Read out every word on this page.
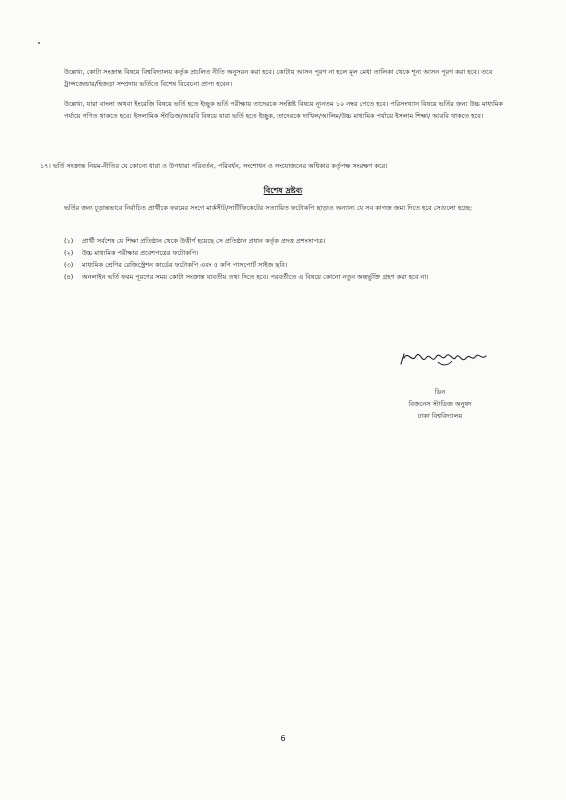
উল্লেখ্য, কোটা সংক্রান্ত বিষয়ে বিশ্ববিদ্যালয় কর্তৃক প্রচলিত নীতি অনুসরন করা হবে। কোটায় আসন পূরণ না হলে মূল মেধা তালিকা থেকে শূন্য আসন পূরণ করা হবে। তবে ট্রান্সজেন্ডার/হিজড়া সম্প্রদায় ভর্তিতে বিশেষ বিবেচনা প্রাপ্য হবেন।

উল্লেখ্য, যারা বাংলা অথবা ইংরেজি বিষয়ে ভর্তি হতে ইচ্ছুক ভর্তি পরীক্ষায় তাদেরকে সংশ্লিষ্ট বিষয়ে ন্যূনতম ১০ নম্বর পেতে হবে। পরিসংখ্যান বিষয়ে ভর্তির জন্য উচ্চ মাধ্যমিক পর্যায়ে গণিত থাকতে হবে। ইসলামিক স্টাডিজ/আরবি বিষয়ে যারা ভর্তি হতে ইচ্ছুক, তাদেরকে দাখিল/আলিম/উচ্চ মাধ্যমিক পর্যায়ে ইসলাম শিক্ষা/ আরবি থাকতে হবে।

১৭। ভর্তি সংক্রান্ত নিয়ম-নীতির যে কোনো ধারা ও উপধারা পরিবর্তন, পরিবর্ধন, সংশোধন ও সংযোজনের অধিকার কর্তৃপক্ষ সংরক্ষণ করে।

বিশেষ দ্রষ্টব্য

ভর্তির জন্য চূড়ান্তভাবে নির্বাচিত প্রার্থীকে ফরমের সংগে মার্কসীট/সার্টিফিকেটের সত্যায়িত ফটোকপি ছাড়াও অন্যান্য যে সব কাগজ জমা দিতে হবে সেগুলো হচ্ছে:

(১)	প্রার্থী সর্বশেষ যে শিক্ষা প্রতিষ্ঠান থেকে উত্তীর্ণ হয়েছে সে প্রতিষ্ঠান প্রধান কর্তৃক প্রদত্ত প্রশংসাপত্র।
(২)	উচ্চ মাধ্যমিক পরীক্ষার প্রবেশপত্রের ফটোকপি।
(৩)	মাধ্যমিক শ্রেণির রেজিস্ট্রেশন কার্ডের ফটোকপি এবং ৫ কপি পাসপোর্ট সাইজ ছবি।
(৪)	অনলাইন ভর্তি ফরম পূরণের সময় কোটা সংক্রান্ত যাবতীয় তথ্য দিতে হবে। পরবর্তীতে এ বিষয়ে কোনো নতুন অন্তর্ভুক্তি গ্রহণ করা হবে না।
ডিন
বিজনেস স্টাডিজ অনুষদ
ঢাকা বিশ্ববিদ্যালয়
6
